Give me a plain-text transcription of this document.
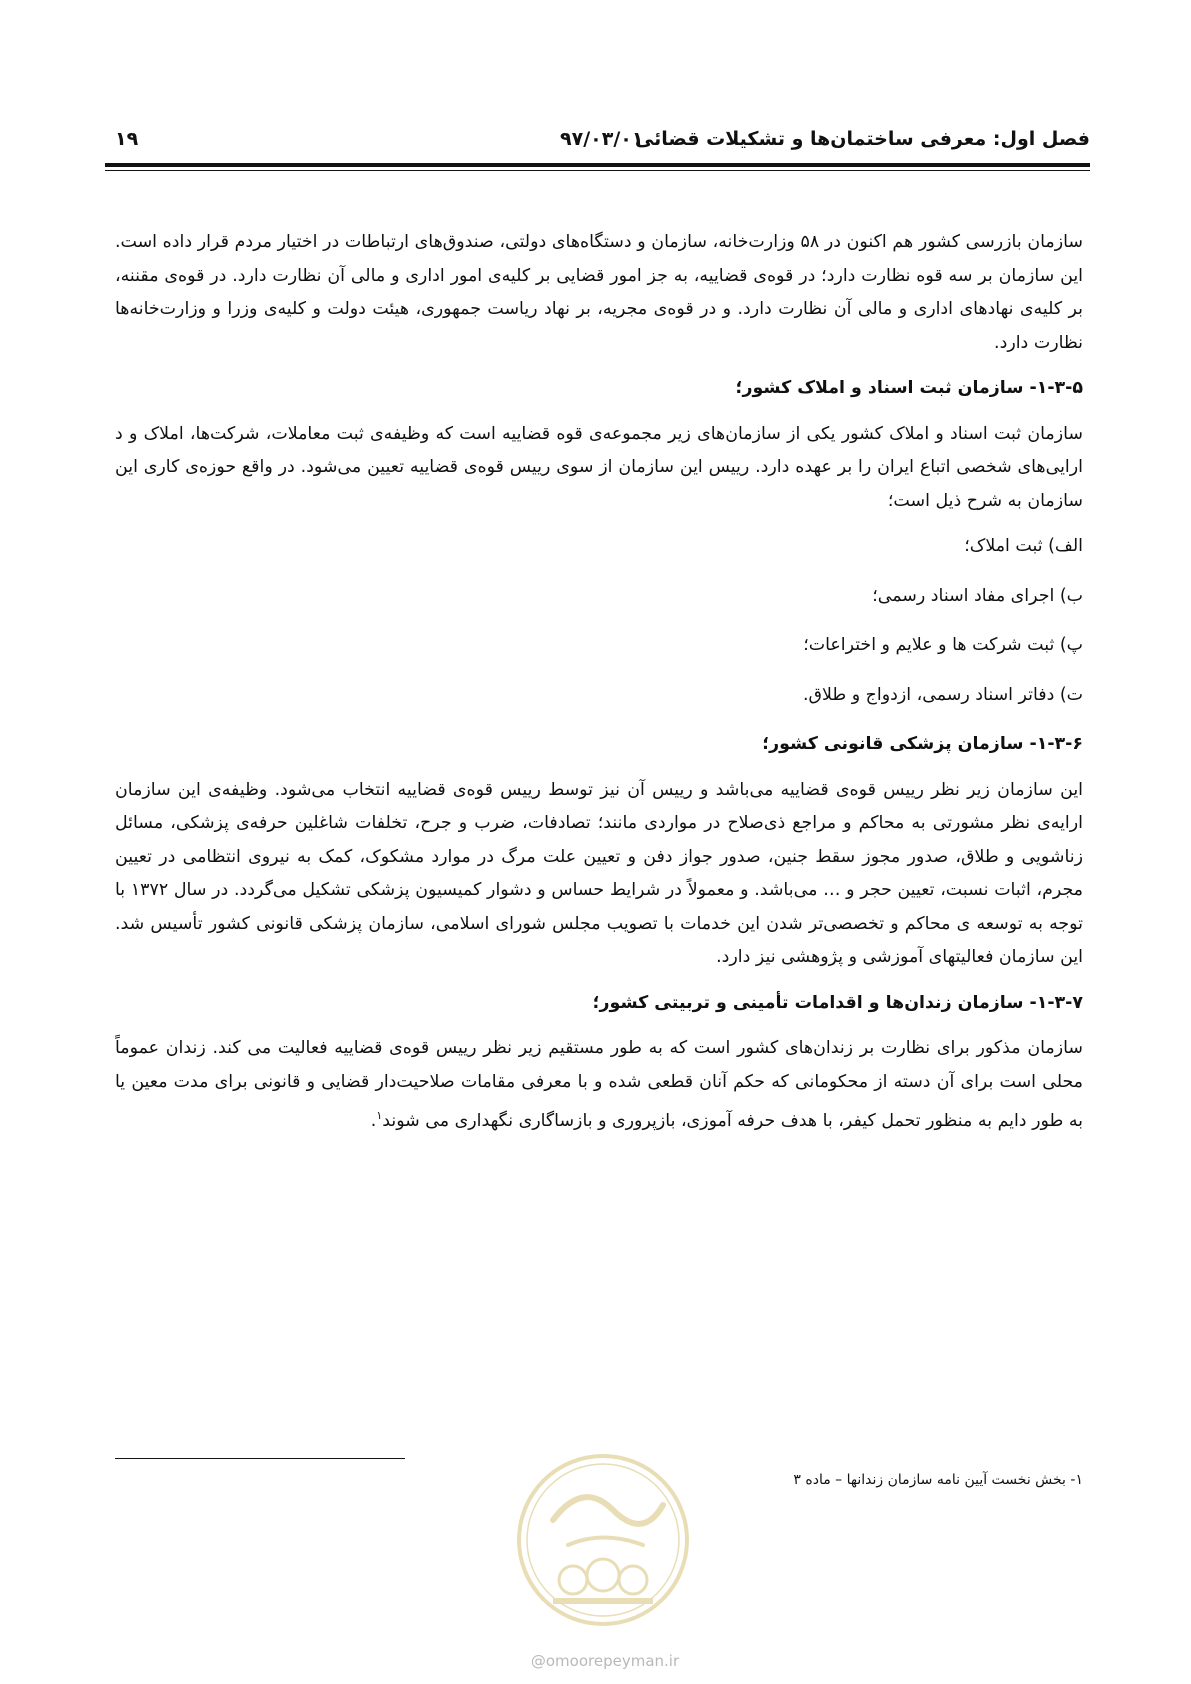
فصل اول: معرفی ساختمان‌ها و تشکیلات قضائی
۹۷/۰۳/۰۱
۱۹

سازمان بازرسی کشور هم اکنون در ۵۸ وزارت‌خانه، سازمان و دستگاه‌های دولتی، صندوق‌های ارتباطات در اختیار مردم قرار داده است. این سازمان بر سه قوه نظارت دارد؛ در قوه‌ی قضاییه، به جز امور قضایی بر کلیه‌ی امور اداری و مالی آن نظارت دارد. در قوه‌ی مقننه، بر کلیه‌ی نهادهای اداری و مالی آن نظارت دارد. و در قوه‌ی مجریه، بر نهاد ریاست جمهوری، هیئت دولت و کلیه‌ی وزرا و وزارت‌خانه‌ها نظارت دارد.

۱-۳-۵- سازمان ثبت اسناد و املاک کشور؛

سازمان ثبت اسناد و املاک کشور یکی از سازمان‌های زیر مجموعه‌ی قوه قضاییه است که وظیفه‌ی ثبت معاملات، شرکت‌ها، املاک و د ارایی‌های شخصی اتباع ایران را بر عهده دارد. رییس این سازمان از سوی رییس قوه‌ی قضاییه تعیین می‌شود. در واقع حوزه‌ی کاری این سازمان به شرح ذیل است؛

الف) ثبت املاک؛
ب) اجرای مفاد اسناد رسمی؛
پ) ثبت شرکت ها و علایم و اختراعات؛
ت) دفاتر اسناد رسمی، ازدواج و طلاق.
۱-۳-۶- سازمان پزشکی قانونی کشور؛

این سازمان زیر نظر رییس قوه‌ی قضاییه می‌باشد و رییس آن نیز توسط رییس قوه‌ی قضاییه انتخاب می‌شود. وظیفه‌ی این سازمان ارایه‌ی نظر مشورتی به محاکم و مراجع ذی‌صلاح در مواردی مانند؛ تصادفات، ضرب و جرح، تخلفات شاغلین حرفه‌ی پزشکی، مسائل زناشویی و طلاق، صدور مجوز سقط جنین، صدور جواز دفن و تعیین علت مرگ در موارد مشکوک، کمک به نیروی انتظامی در تعیین مجرم، اثبات نسبت، تعیین حجر و … می‌باشد. و معمولاً در شرایط حساس و دشوار کمیسیون پزشکی تشکیل می‌گردد. در سال ۱۳۷۲ با توجه به توسعه ی محاکم و تخصصی‌تر شدن این خدمات با تصویب مجلس شورای اسلامی، سازمان پزشکی قانونی کشور تأسیس شد. این سازمان فعالیتهای آموزشی و پژوهشی نیز دارد.

۱-۳-۷- سازمان زندان‌ها و اقدامات تأمینی و تربیتی کشور؛

سازمان مذکور برای نظارت بر زندان‌های کشور است که به طور مستقیم زیر نظر رییس قوه‌ی قضاییه فعالیت می کند. زندان عموماً محلی است برای آن دسته از محکومانی که حکم آنان قطعی شده و با معرفی مقامات صلاحیت‌دار قضایی و قانونی برای مدت معین یا به طور دایم به منظور تحمل کیفر، با هدف حرفه آموزی، بازپروری و بازساگاری نگهداری می شوند$^۱$.

۱- بخش نخست آیین نامه سازمان زندانها – ماده ۳
@omoorepeyman.ir
